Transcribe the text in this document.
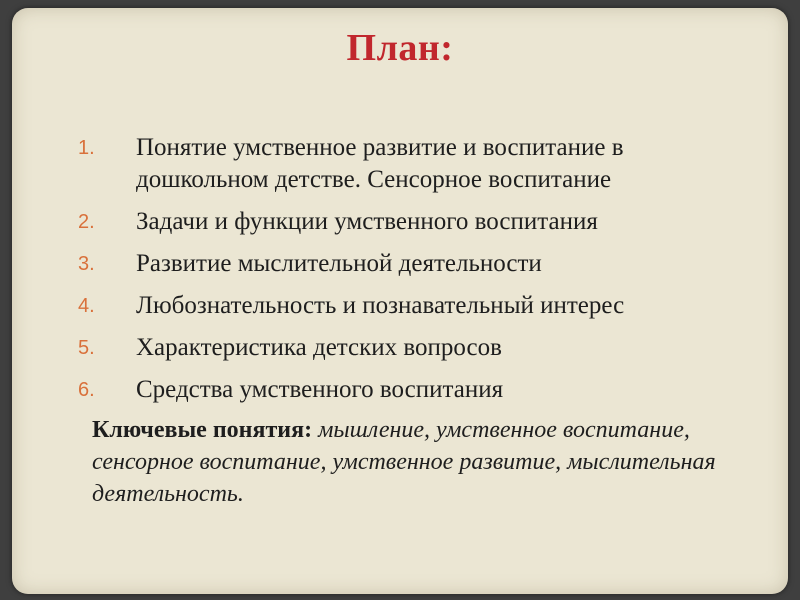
План:
1. Понятие умственное развитие и воспитание в дошкольном детстве. Сенсорное воспитание
2. Задачи и функции умственного воспитания
3. Развитие мыслительной деятельности
4. Любознательность и познавательный интерес
5. Характеристика детских вопросов
6. Средства умственного воспитания
Ключевые понятия: мышление, умственное воспитание, сенсорное воспитание, умственное развитие, мыслительная деятельность.
